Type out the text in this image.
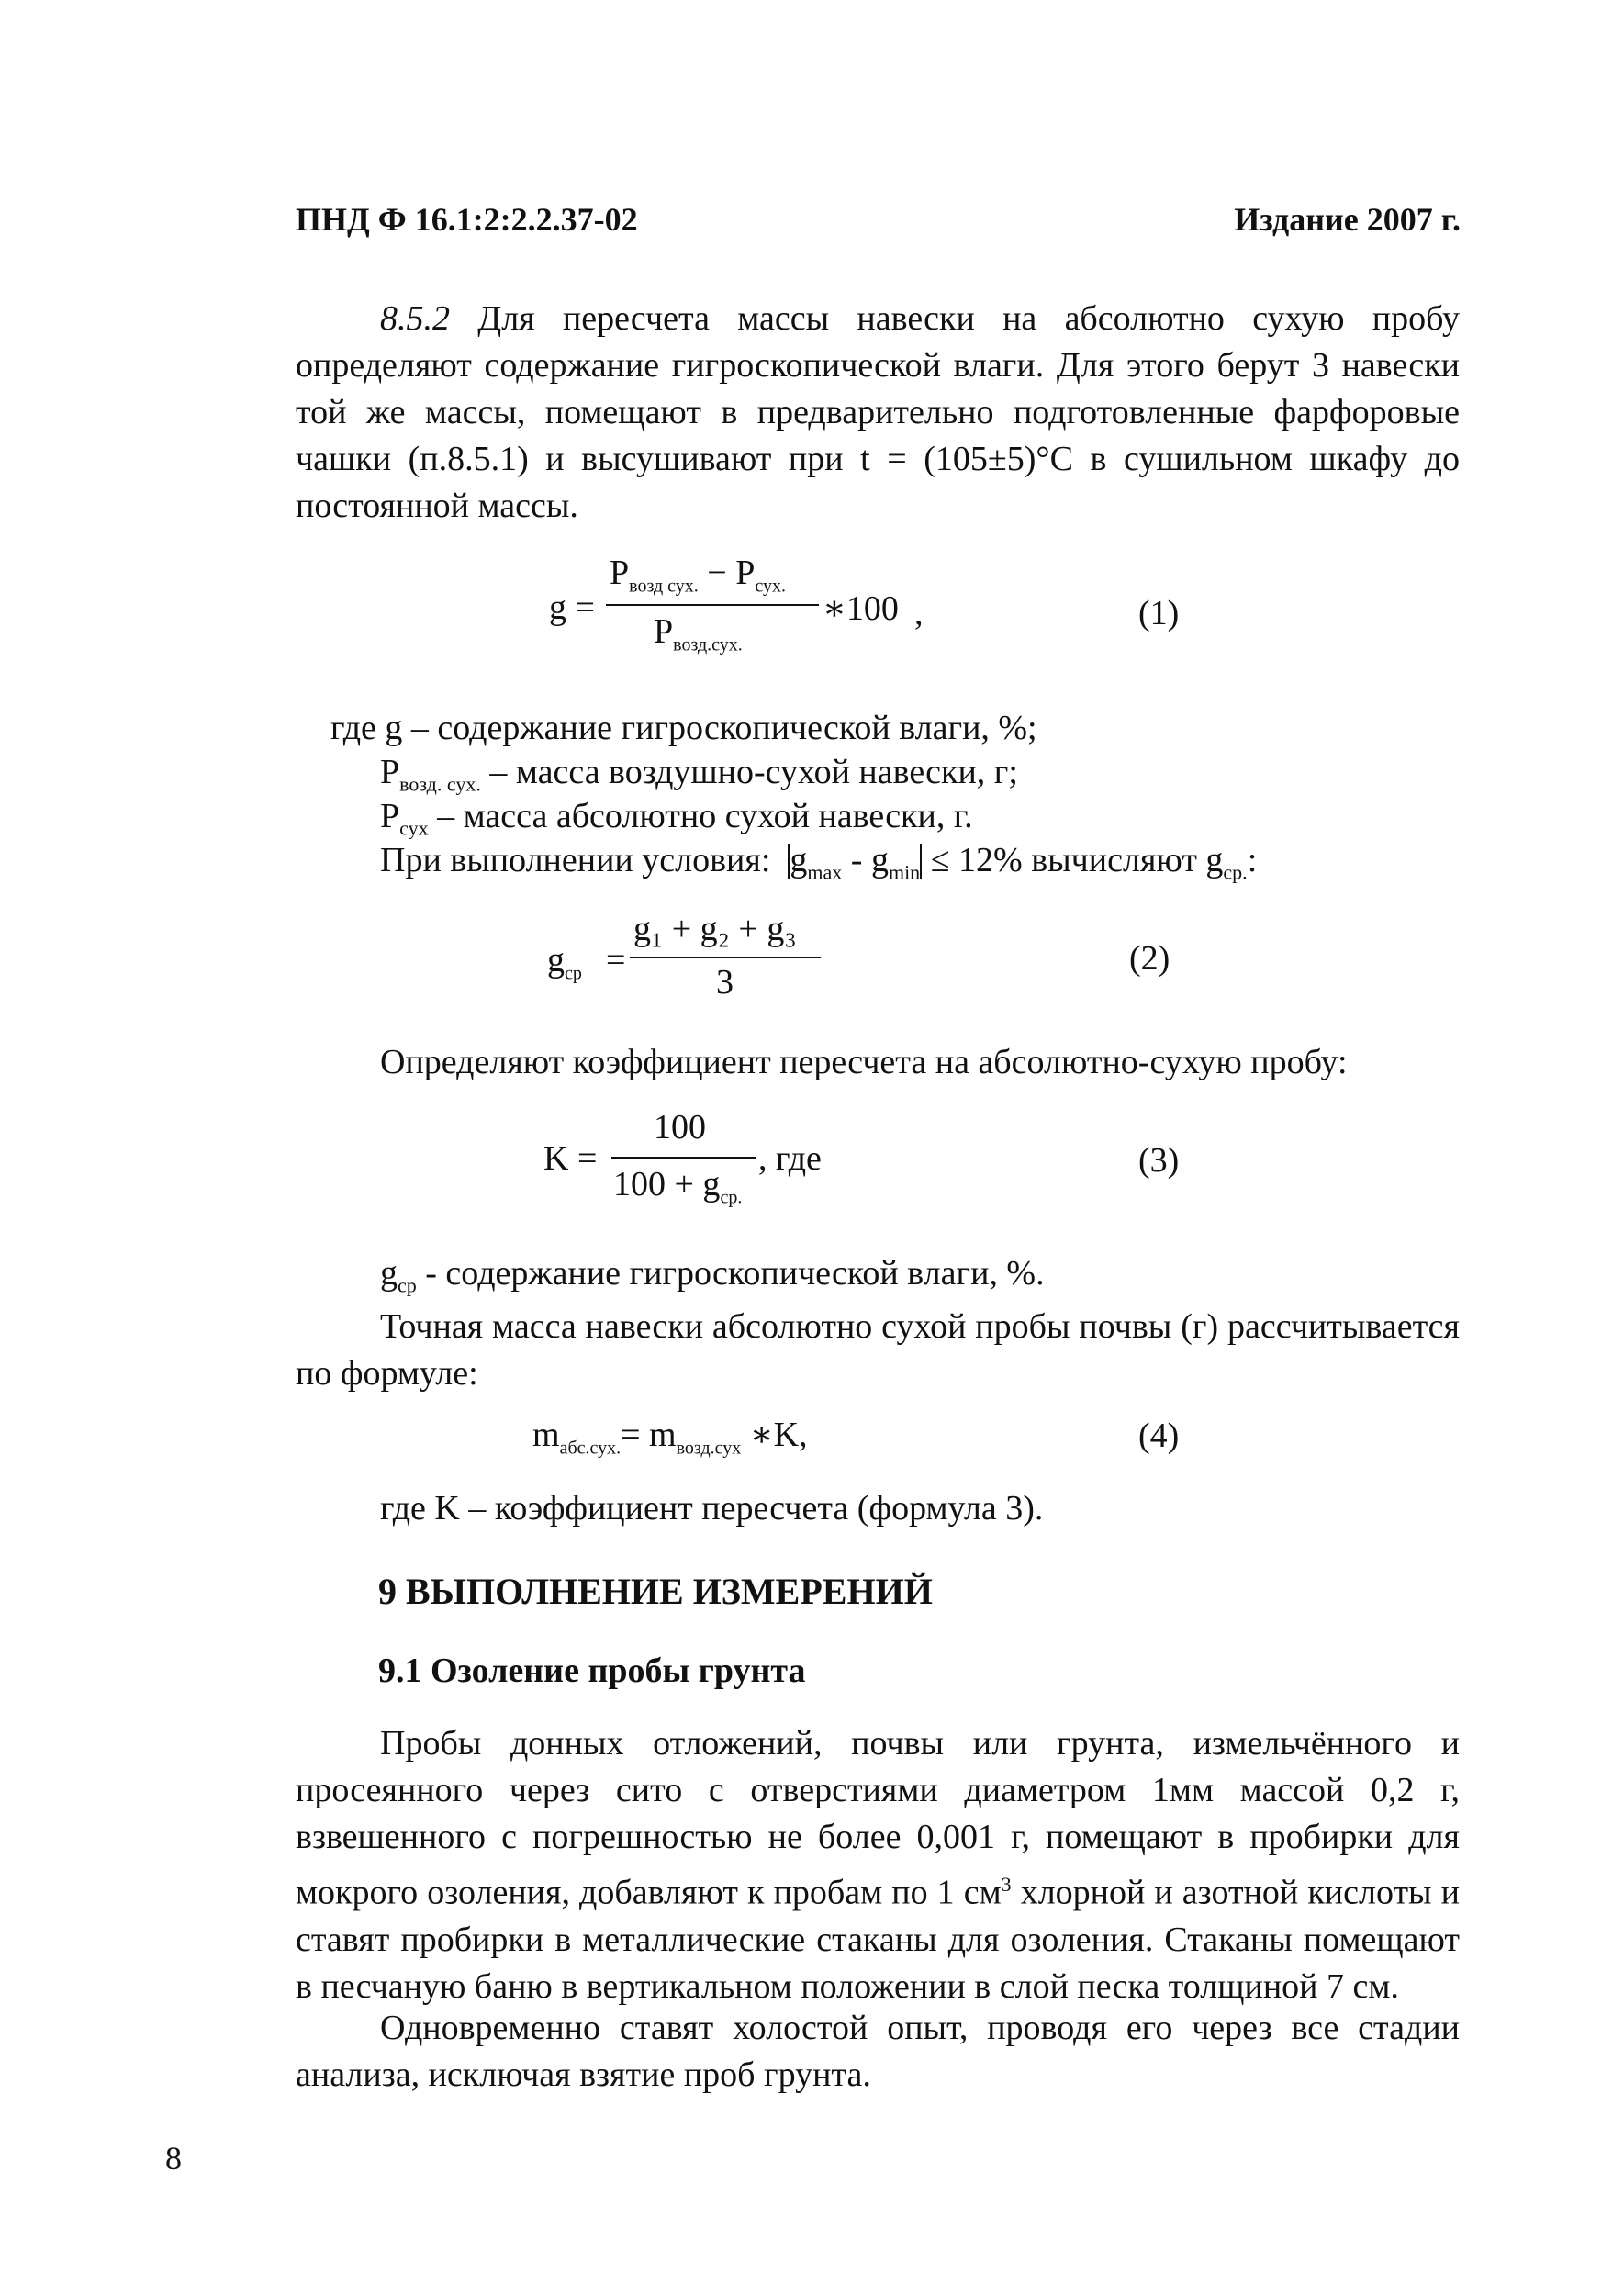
ПНД Ф 16.1:2:2.2.37-02	Издание 2007 г.
8.5.2 Для пересчета массы навески на абсолютно сухую пробу определяют содержание гигроскопической влаги. Для этого берут 3 навески той же массы, помещают в предварительно подготовленные фарфоровые чашки (п.8.5.1) и высушивают при t = (105±5)°С в сушильном шкафу до постоянной массы.
g =
$P_{возд сух.} - P_{сух.}$
$P_{возд.сух.}$
∗100 ,	(1)
где g – содержание гигроскопической влаги, %;
$P_{возд. сух.}$ – масса воздушно-сухой навески, г;
$P_{сух}$ – масса абсолютно сухой навески, г.
При выполнении условия: $g_{max} - g_{min} \le 12\%$ вычисляют $g_{ср.}$:
$g_{ср}$ =
g₁ + g₂ + g₃
3
(2)
Определяют коэффициент пересчета на абсолютно-сухую пробу:
K =
100
$100 + g_{ср.}$
, где	(3)
$g_{ср}$ - содержание гигроскопической влаги, %.
Точная масса навески абсолютно сухой пробы почвы (г) рассчитывается по формуле:
$m_{абс.сух.}= m_{возд.сух}$ ∗K,	(4)
где K – коэффициент пересчета (формула 3).
9 ВЫПОЛНЕНИЕ ИЗМЕРЕНИЙ
9.1 Озоление пробы грунта
Пробы донных отложений, почвы или грунта, измельчённого и просеянного через сито с отверстиями диаметром 1мм массой 0,2 г, взвешенного с погрешностью не более 0,001 г, помещают в пробирки для мокрого озоления, добавляют к пробам по 1 $см^3$ хлорной и азотной кислоты и ставят пробирки в металлические стаканы для озоления. Стаканы помещают в песчаную баню в вертикальном положении в слой песка толщиной 7 см.
Одновременно ставят холостой опыт, проводя его через все стадии анализа, исключая взятие проб грунта.
8
